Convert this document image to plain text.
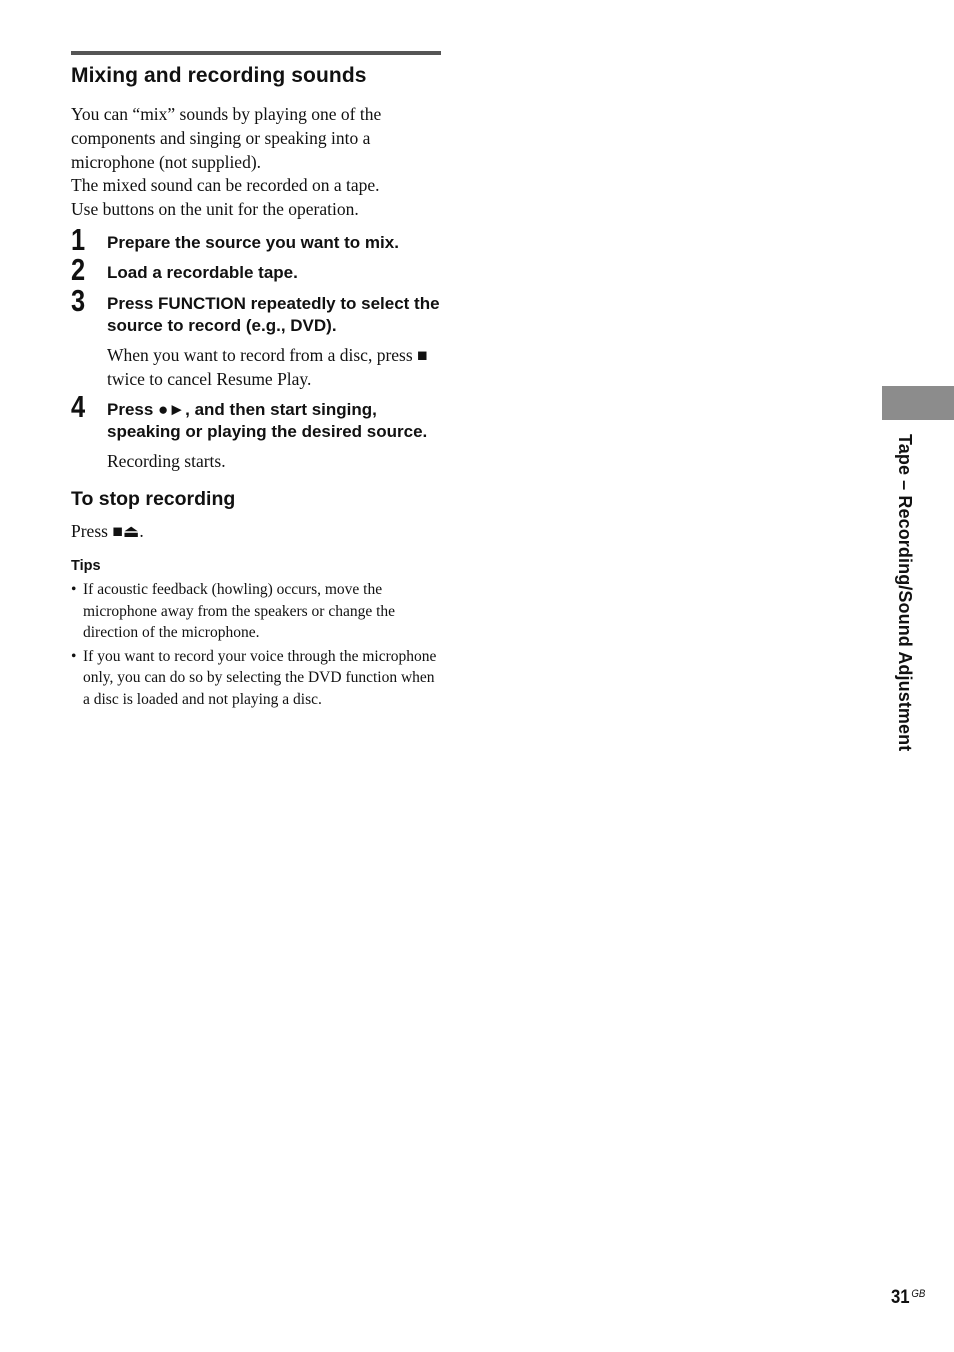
Mixing and recording sounds

You can “mix” sounds by playing one of the components and singing or speaking into a microphone (not supplied).

The mixed sound can be recorded on a tape.

Use buttons on the unit for the operation.

1 Prepare the source you want to mix.

2 Load a recordable tape.

3 Press FUNCTION repeatedly to select the source to record (e.g., DVD).

When you want to record from a disc, press ■ twice to cancel Resume Play.

4 Press ●►, and then start singing, speaking or playing the desired source.

Recording starts.

To stop recording

Press ■⏏.

Tips
• If acoustic feedback (howling) occurs, move the microphone away from the speakers or change the direction of the microphone.
• If you want to record your voice through the microphone only, you can do so by selecting the DVD function when a disc is loaded and not playing a disc.	Tape – Recording/Sound Adjustment
31 $^{GB}$
